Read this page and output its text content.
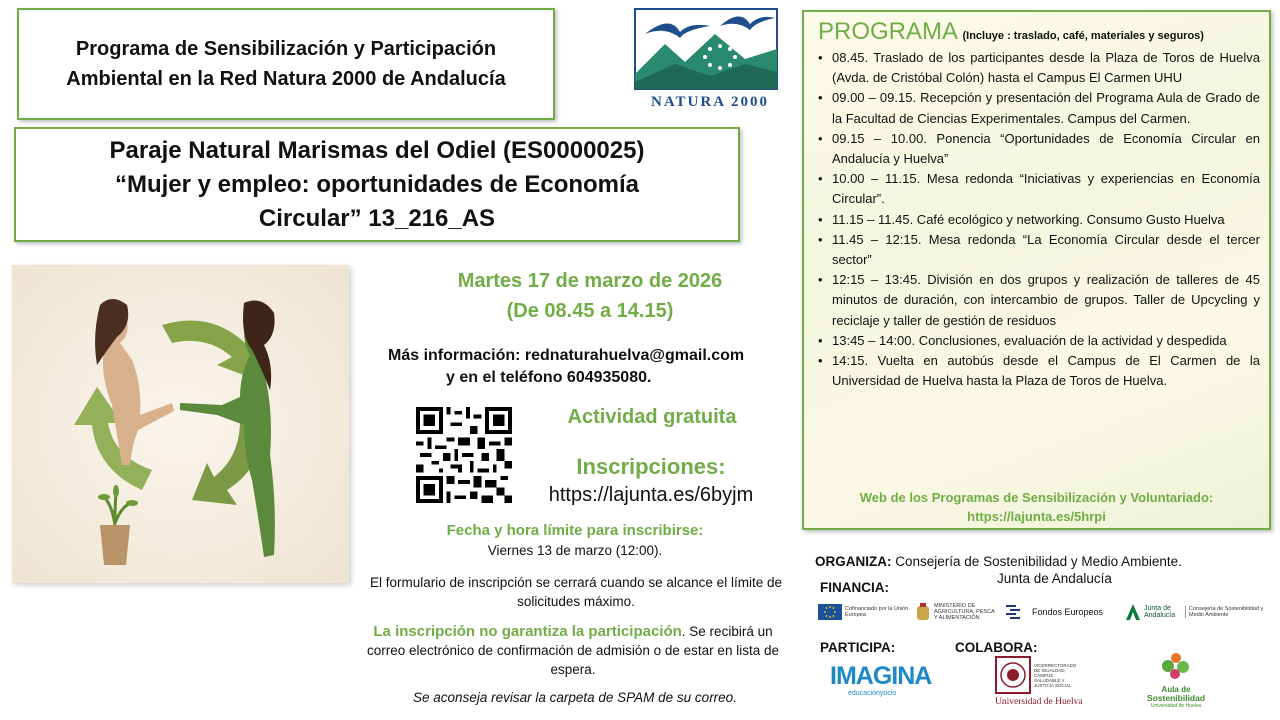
Programa de Sensibilización y Participación
Ambiental en la Red Natura 2000 de Andalucía
NATURA 2000
Paraje Natural Marismas del Odiel (ES0000025)
“Mujer y empleo: oportunidades de Economía
Circular” 13_216_AS
PROGRAMA (Incluye : traslado, café, materiales y seguros)
• 08.45. Traslado de los participantes desde la Plaza de Toros de Huelva (Avda. de Cristóbal Colón) hasta el Campus El Carmen UHU
• 09.00 – 09.15. Recepción y presentación del Programa Aula de Grado de la Facultad de Ciencias Experimentales. Campus del Carmen.
• 09.15 – 10.00. Ponencia “Oportunidades de Economía Circular en Andalucía y Huelva”
• 10.00 – 11.15. Mesa redonda “Iniciativas y experiencias en Economía Circular”.
• 11.15 – 11.45. Café ecológico y networking. Consumo Gusto Huelva
• 11.45 – 12:15. Mesa redonda “La Economía Circular desde el tercer sector”
• 12:15 – 13:45. División en dos grupos y realización de talleres de 45 minutos de duración, con intercambio de grupos. Taller de Upcycling y reciclaje y taller de gestión de residuos
• 13:45 – 14:00. Conclusiones, evaluación de la actividad y despedida
• 14:15. Vuelta en autobús desde el Campus de El Carmen de la Universidad de Huelva hasta la Plaza de Toros de Huelva.
Web de los Programas de Sensibilización y Voluntariado:
https://lajunta.es/5hrpi
Martes 17 de marzo de 2026
(De 08.45 a 14.15)
Más información: rednaturahuelva@gmail.com
y en el teléfono 604935080.
Actividad gratuita
Inscripciones:
https://lajunta.es/6byjm
Fecha y hora límite para inscribirse:
Viernes 13 de marzo (12:00).
El formulario de inscripción se cerrará cuando se alcance el límite de solicitudes máximo.
La inscripción no garantiza la participación. Se recibirá un correo electrónico de confirmación de admisión o de estar en lista de espera.
Se aconseja revisar la carpeta de SPAM de su correo.
ORGANIZA: Consejería de Sostenibilidad y Medio Ambiente.
Junta de Andalucía
FINANCIA:
Cofinanciado por la Unión Europea
MINISTERIO DE AGRICULTURA, PESCA Y ALIMENTACIÓN
Fondos Europeos	Junta de Andalucía
Consejería de Sostenibilidad y Medio Ambiente
PARTICIPA:	COLABORA:
IMAGINA
educaciónyocio
VICERRECTORADO DE IGUALDAD, CAMPUS SALUDABLE Y JUSTICIA SOCIAL
Universidad de Huelva
Aula de
Sostenibilidad
Universidad de Huelva
